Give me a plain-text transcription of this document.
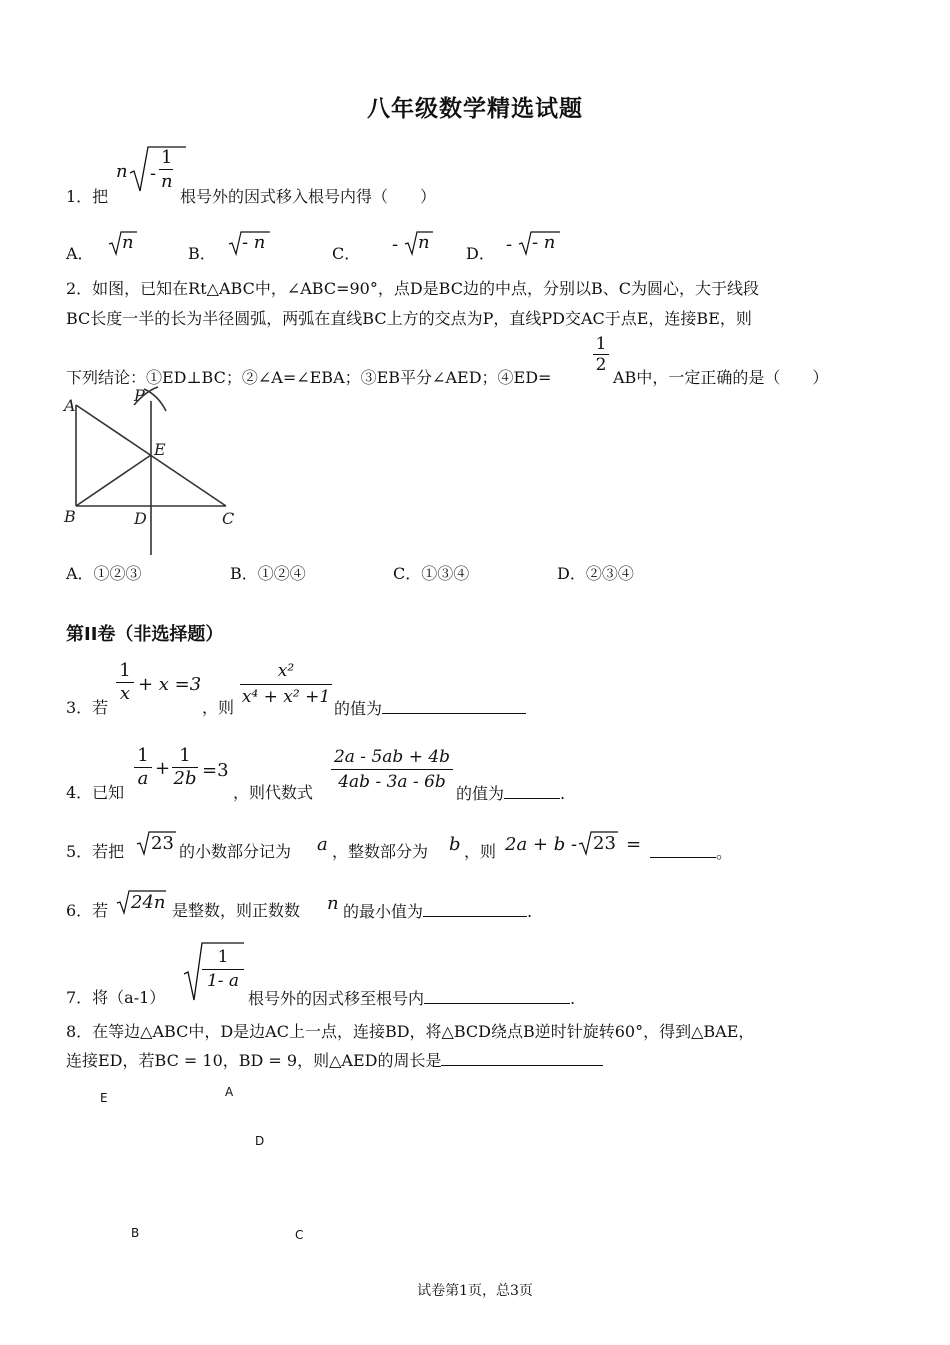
八年级数学精选试题
n -
1
n
1．把	根号外的因式移入根号内得（　　）
A．
n
B．
- n
C． - n
D． - - n
2．如图，已知在Rt△ABC中，∠ABC=90°，点D是BC边的中点，分别以B、C为圆心，大于线段
BC长度一半的长为半径圆弧，两弧在直线BC上方的交点为P，直线PD交AC于点E，连接BE，则
下列结论：①ED⊥BC；②∠A=∠EBA；③EB平分∠AED；④ED=
$\frac{1}{2}$
AB中，一定正确的是（　　）
A
P
E
B	D	C
A．①②③	B．①②④	C．①③④	D．②③④
第II卷（非选择题）
3．若
$\frac{1}{x} + x =3$
，则 $\frac{\text{x²}}{\text{x⁴ + x² +1}}$ 的值为
4．已知
$\frac{1}{a} + \frac{1}{2b} =3$
，则代数式 $\frac{2a - 5ab + 4b}{4ab - 3a - 6b}$ 的值为	.
5．若把 23 的小数部分记为 a ，整数部分为 b ，则 2a + b - 23 =	。
6．若 24n 是整数，则正数数 n 的最小值为	.
7．将（a-1）
$\frac{1}{1- a}$
根号外的因式移至根号内	.
8．在等边△ABC中，D是边AC上一点，连接BD，将△BCD绕点B逆时针旋转60°，得到△BAE，
连接ED，若BC = 10，BD = 9，则△AED的周长是
E	A
D
B	C
试卷第1页，总3页
